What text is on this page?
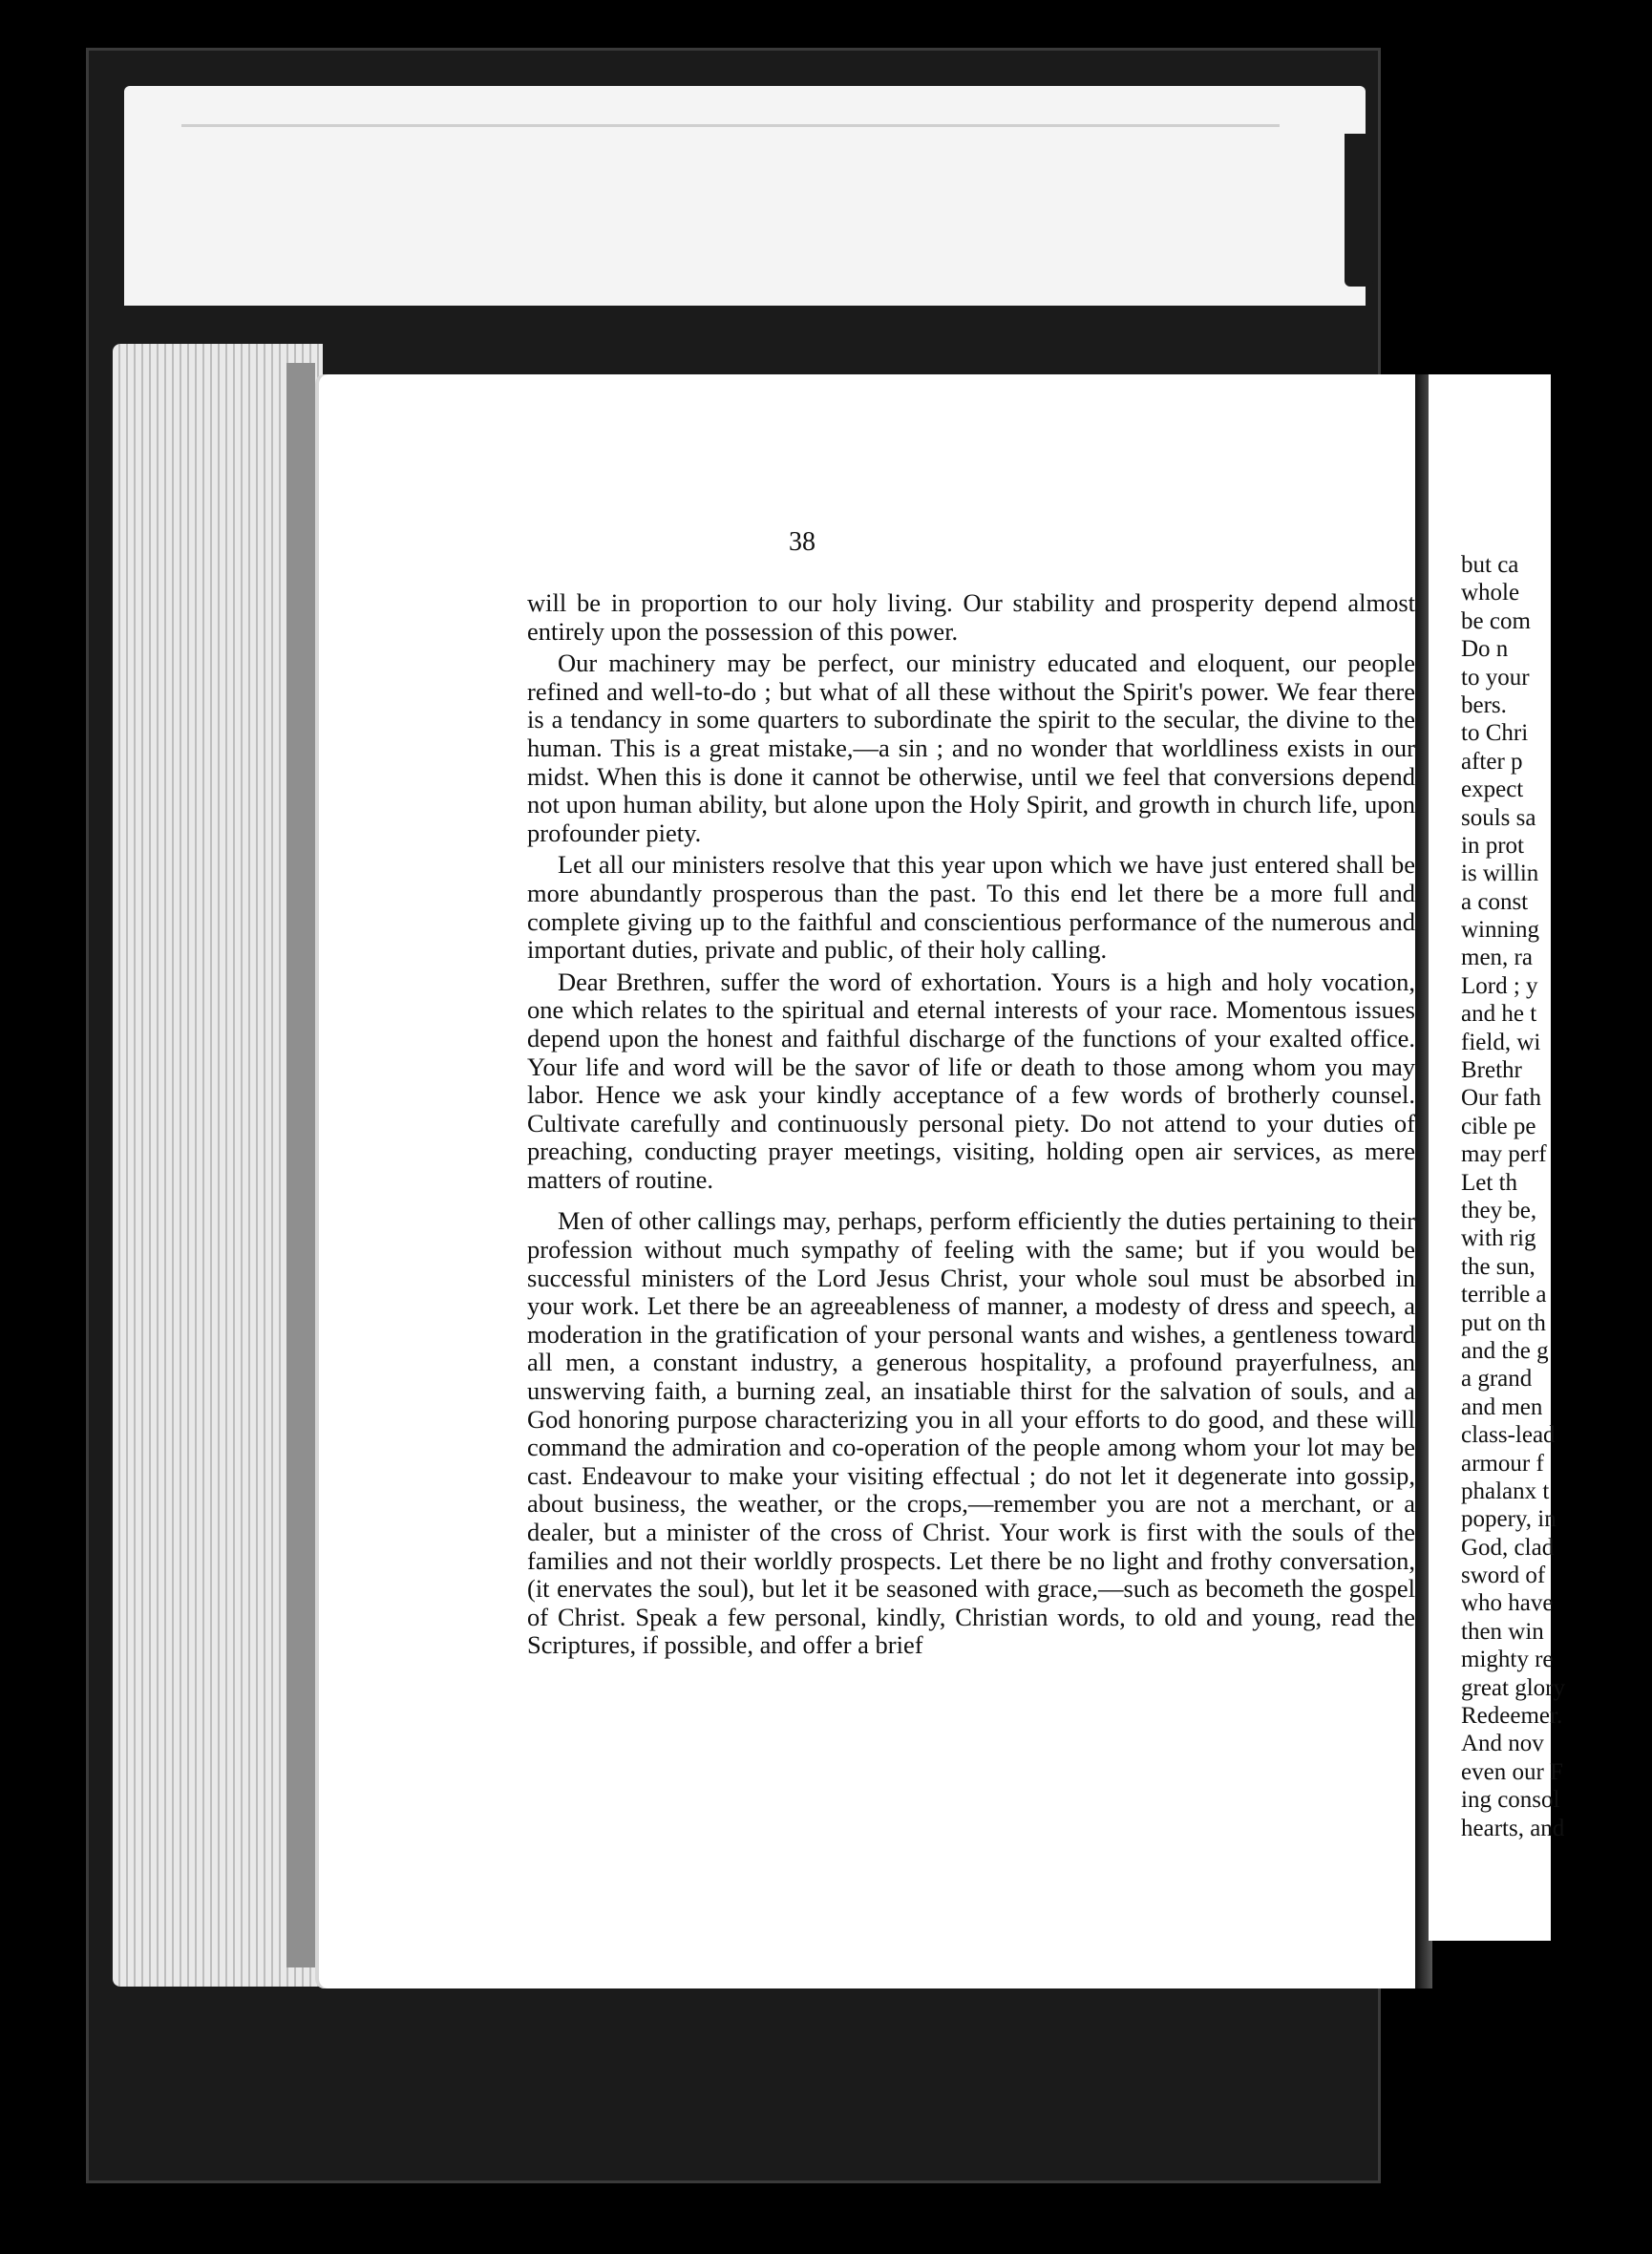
38

will be in proportion to our holy living. Our stability and prosperity depend almost entirely upon the possession of this power.

Our machinery may be perfect, our ministry educated and eloquent, our people refined and well-to-do ; but what of all these without the Spirit's power. We fear there is a tendancy in some quarters to subordinate the spirit to the secular, the divine to the human. This is a great mistake,—a sin ; and no wonder that worldliness exists in our midst. When this is done it cannot be otherwise, until we feel that conversions depend not upon human ability, but alone upon the Holy Spirit, and growth in church life, upon profounder piety.

Let all our ministers resolve that this year upon which we have just entered shall be more abundantly prosperous than the past. To this end let there be a more full and complete giving up to the faithful and conscientious performance of the numerous and important duties, private and public, of their holy calling.

Dear Brethren, suffer the word of exhortation. Yours is a high and holy vocation, one which relates to the spiritual and eternal interests of your race. Momentous issues depend upon the honest and faithful discharge of the functions of your exalted office. Your life and word will be the savor of life or death to those among whom you may labor. Hence we ask your kindly acceptance of a few words of brotherly counsel. Cultivate carefully and continuously personal piety. Do not attend to your duties of preaching, conducting prayer meetings, visiting, holding open air services, as mere matters of routine.

Men of other callings may, perhaps, perform efficiently the duties pertaining to their profession without much sympathy of feeling with the same; but if you would be successful ministers of the Lord Jesus Christ, your whole soul must be absorbed in your work. Let there be an agreeableness of manner, a modesty of dress and speech, a moderation in the gratification of your personal wants and wishes, a gentleness toward all men, a constant industry, a generous hospitality, a profound prayerfulness, an unswerving faith, a burning zeal, an insatiable thirst for the salvation of souls, and a God honoring purpose characterizing you in all your efforts to do good, and these will command the admiration and co-operation of the people among whom your lot may be cast. Endeavour to make your visiting effectual ; do not let it degenerate into gossip, about business, the weather, or the crops,—remember you are not a merchant, or a dealer, but a minister of the cross of Christ. Your work is first with the souls of the families and not their worldly prospects. Let there be no light and frothy conversation, (it enervates the soul), but let it be seasoned with grace,—such as becometh the gospel of Christ. Speak a few personal, kindly, Christian words, to old and young, read the Scriptures, if possible, and offer a brief

but ca
whole
be com
Do n
to your
bers.
to Chri
after p
expect
souls sa
in prot
is willin
a const
winning
men, ra
Lord ; y
and he t
field, wi
Brethr
Our fath
cible pe
may perf
Let th
they be,
with rig
the sun,
terrible a
put on th
and the g
a grand
and men
class-lead
armour f
phalanx t
popery, in
God, clad
sword of
who have
then win
mighty re
great glory
Redeemer.
And nov
even our F
ing consol
hearts, and
